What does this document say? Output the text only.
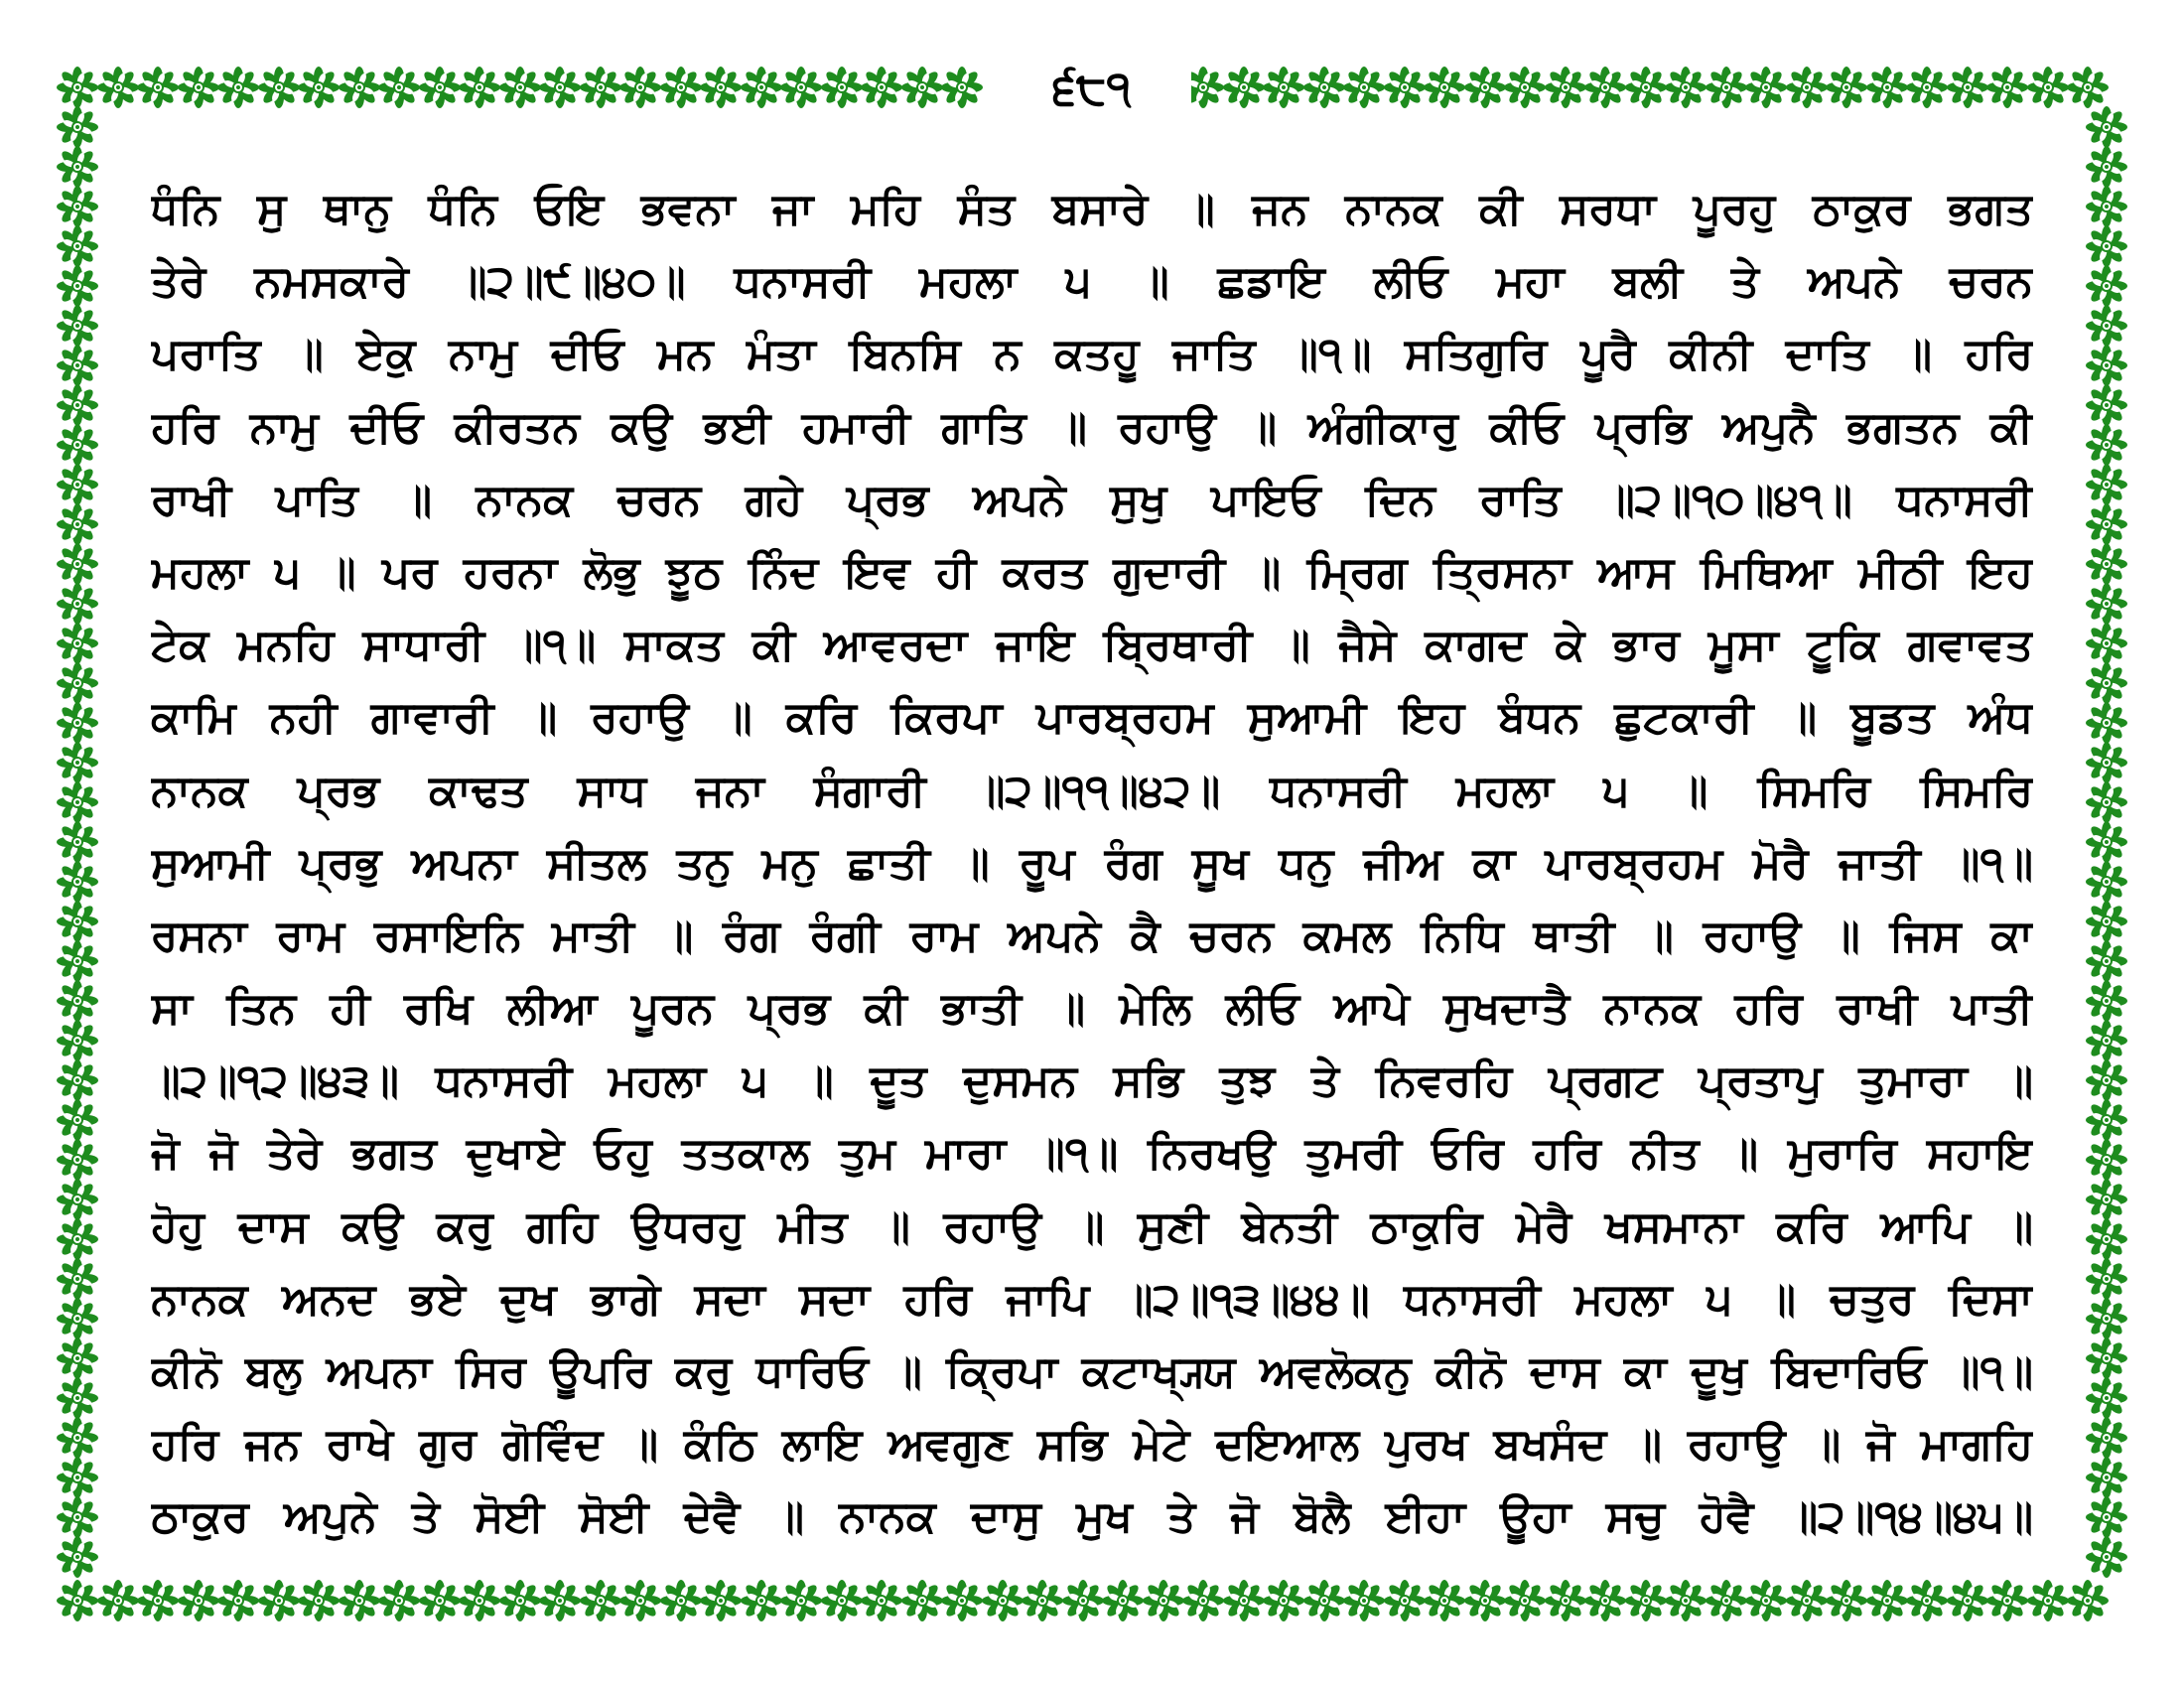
੬੮੧
ਧੰਨਿ ਸੁ ਥਾਨੁ ਧੰਨਿ ਓਇ ਭਵਨਾ ਜਾ ਮਹਿ ਸੰਤ ਬਸਾਰੇ ॥ ਜਨ ਨਾਨਕ ਕੀ ਸਰਧਾ ਪੂਰਹੁ ਠਾਕੁਰ ਭਗਤ
ਤੇਰੇ ਨਮਸਕਾਰੇ ॥੨॥੯॥੪੦॥ ਧਨਾਸਰੀ ਮਹਲਾ ੫ ॥ ਛਡਾਇ ਲੀਓ ਮਹਾ ਬਲੀ ਤੇ ਅਪਨੇ ਚਰਨ
ਪਰਾਤਿ ॥ ਏਕੁ ਨਾਮੁ ਦੀਓ ਮਨ ਮੰਤਾ ਬਿਨਸਿ ਨ ਕਤਹੂ ਜਾਤਿ ॥੧॥ ਸਤਿਗੁਰਿ ਪੂਰੈ ਕੀਨੀ ਦਾਤਿ ॥ ਹਰਿ
ਹਰਿ ਨਾਮੁ ਦੀਓ ਕੀਰਤਨ ਕਉ ਭਈ ਹਮਾਰੀ ਗਾਤਿ ॥ ਰਹਾਉ ॥ ਅੰਗੀਕਾਰੁ ਕੀਓ ਪ੍ਰਭਿ ਅਪੁਨੈ ਭਗਤਨ ਕੀ
ਰਾਖੀ ਪਾਤਿ ॥ ਨਾਨਕ ਚਰਨ ਗਹੇ ਪ੍ਰਭ ਅਪਨੇ ਸੁਖੁ ਪਾਇਓ ਦਿਨ ਰਾਤਿ ॥੨॥੧੦॥੪੧॥ ਧਨਾਸਰੀ
ਮਹਲਾ ੫ ॥ ਪਰ ਹਰਨਾ ਲੋਭੁ ਝੂਠ ਨਿੰਦ ਇਵ ਹੀ ਕਰਤ ਗੁਦਾਰੀ ॥ ਮ੍ਰਿਗ ਤ੍ਰਿਸਨਾ ਆਸ ਮਿਥਿਆ ਮੀਠੀ ਇਹ
ਟੇਕ ਮਨਹਿ ਸਾਧਾਰੀ ॥੧॥ ਸਾਕਤ ਕੀ ਆਵਰਦਾ ਜਾਇ ਬ੍ਰਿਥਾਰੀ ॥ ਜੈਸੇ ਕਾਗਦ ਕੇ ਭਾਰ ਮੂਸਾ ਟੂਕਿ ਗਵਾਵਤ
ਕਾਮਿ ਨਹੀ ਗਾਵਾਰੀ ॥ ਰਹਾਉ ॥ ਕਰਿ ਕਿਰਪਾ ਪਾਰਬ੍ਰਹਮ ਸੁਆਮੀ ਇਹ ਬੰਧਨ ਛੁਟਕਾਰੀ ॥ ਬੂਡਤ ਅੰਧ
ਨਾਨਕ ਪ੍ਰਭ ਕਾਢਤ ਸਾਧ ਜਨਾ ਸੰਗਾਰੀ ॥੨॥੧੧॥੪੨॥ ਧਨਾਸਰੀ ਮਹਲਾ ੫ ॥ ਸਿਮਰਿ ਸਿਮਰਿ
ਸੁਆਮੀ ਪ੍ਰਭੁ ਅਪਨਾ ਸੀਤਲ ਤਨੁ ਮਨੁ ਛਾਤੀ ॥ ਰੂਪ ਰੰਗ ਸੂਖ ਧਨੁ ਜੀਅ ਕਾ ਪਾਰਬ੍ਰਹਮ ਮੋਰੈ ਜਾਤੀ ॥੧॥
ਰਸਨਾ ਰਾਮ ਰਸਾਇਨਿ ਮਾਤੀ ॥ ਰੰਗ ਰੰਗੀ ਰਾਮ ਅਪਨੇ ਕੈ ਚਰਨ ਕਮਲ ਨਿਧਿ ਥਾਤੀ ॥ ਰਹਾਉ ॥ ਜਿਸ ਕਾ
ਸਾ ਤਿਨ ਹੀ ਰਖਿ ਲੀਆ ਪੂਰਨ ਪ੍ਰਭ ਕੀ ਭਾਤੀ ॥ ਮੇਲਿ ਲੀਓ ਆਪੇ ਸੁਖਦਾਤੈ ਨਾਨਕ ਹਰਿ ਰਾਖੀ ਪਾਤੀ
॥੨॥੧੨॥੪੩॥ ਧਨਾਸਰੀ ਮਹਲਾ ੫ ॥ ਦੂਤ ਦੁਸਮਨ ਸਭਿ ਤੁਝ ਤੇ ਨਿਵਰਹਿ ਪ੍ਰਗਟ ਪ੍ਰਤਾਪੁ ਤੁਮਾਰਾ ॥
ਜੋ ਜੋ ਤੇਰੇ ਭਗਤ ਦੁਖਾਏ ਓਹੁ ਤਤਕਾਲ ਤੁਮ ਮਾਰਾ ॥੧॥ ਨਿਰਖਉ ਤੁਮਰੀ ਓਰਿ ਹਰਿ ਨੀਤ ॥ ਮੁਰਾਰਿ ਸਹਾਇ
ਹੋਹੁ ਦਾਸ ਕਉ ਕਰੁ ਗਹਿ ਉਧਰਹੁ ਮੀਤ ॥ ਰਹਾਉ ॥ ਸੁਣੀ ਬੇਨਤੀ ਠਾਕੁਰਿ ਮੇਰੈ ਖਸਮਾਨਾ ਕਰਿ ਆਪਿ ॥
ਨਾਨਕ ਅਨਦ ਭਏ ਦੁਖ ਭਾਗੇ ਸਦਾ ਸਦਾ ਹਰਿ ਜਾਪਿ ॥੨॥੧੩॥੪੪॥ ਧਨਾਸਰੀ ਮਹਲਾ ੫ ॥ ਚਤੁਰ ਦਿਸਾ
ਕੀਨੋ ਬਲੁ ਅਪਨਾ ਸਿਰ ਊਪਰਿ ਕਰੁ ਧਾਰਿਓ ॥ ਕ੍ਰਿਪਾ ਕਟਾਖ੍ਯ੍ਯ ਅਵਲੋਕਨੁ ਕੀਨੋ ਦਾਸ ਕਾ ਦੂਖੁ ਬਿਦਾਰਿਓ ॥੧॥
ਹਰਿ ਜਨ ਰਾਖੇ ਗੁਰ ਗੋਵਿੰਦ ॥ ਕੰਠਿ ਲਾਇ ਅਵਗੁਣ ਸਭਿ ਮੇਟੇ ਦਇਆਲ ਪੁਰਖ ਬਖਸੰਦ ॥ ਰਹਾਉ ॥ ਜੋ ਮਾਗਹਿ
ਠਾਕੁਰ ਅਪੁਨੇ ਤੇ ਸੋਈ ਸੋਈ ਦੇਵੈ ॥ ਨਾਨਕ ਦਾਸੁ ਮੁਖ ਤੇ ਜੋ ਬੋਲੈ ਈਹਾ ਊਹਾ ਸਚੁ ਹੋਵੈ ॥੨॥੧੪॥੪੫॥
